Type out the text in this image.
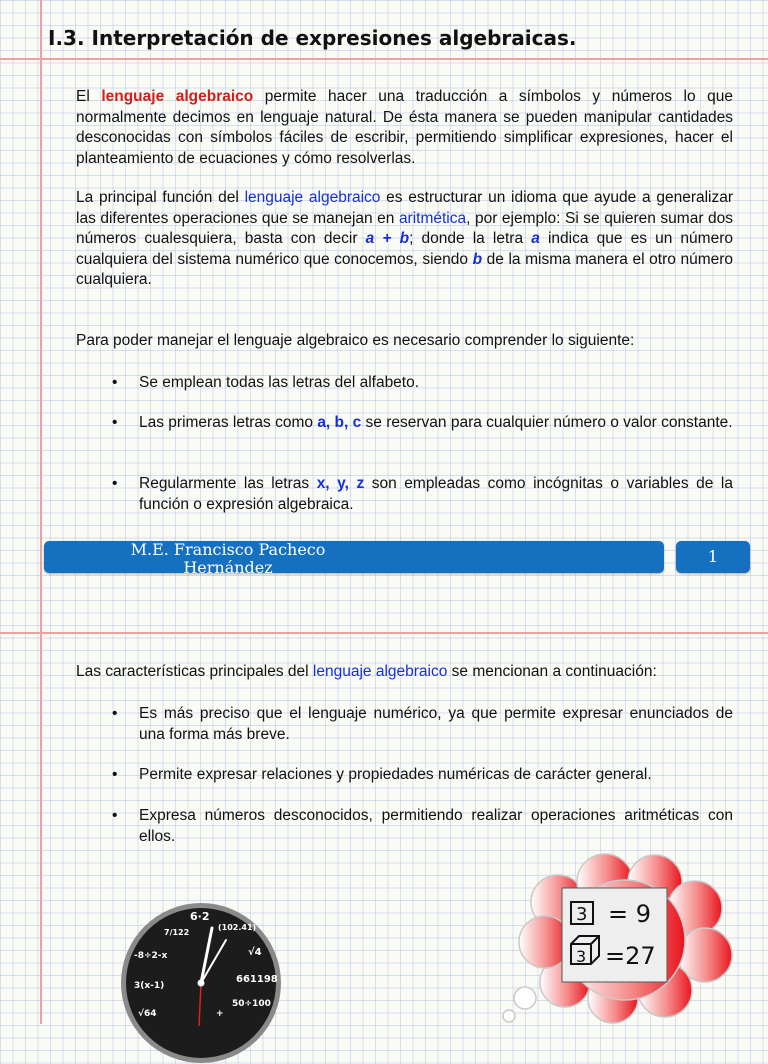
I.3. Interpretación de expresiones algebraicas.

El lenguaje algebraico permite hacer una traducción a símbolos y números lo que normalmente decimos en lenguaje natural. De ésta manera se pueden manipular cantidades desconocidas con símbolos fáciles de escribir, permitiendo simplificar expresiones, hacer el planteamiento de ecuaciones y cómo resolverlas.

La principal función del lenguaje algebraico es estructurar un idioma que ayude a generalizar las diferentes operaciones que se manejan en aritmética, por ejemplo: Si se quieren sumar dos números cualesquiera, basta con decir a + b; donde la letra a indica que es un número cualquiera del sistema numérico que conocemos, siendo b de la misma manera el otro número cualquiera.

Para poder manejar el lenguaje algebraico es necesario comprender lo siguiente:

• Se emplean todas las letras del alfabeto.
• Las primeras letras como a, b, c se reservan para cualquier número o valor constante.
• Regularmente las letras x, y, z son empleadas como incógnitas o variables de la función o expresión algebraica.

M.E. Francisco Pacheco Hernández

1

Las características principales del lenguaje algebraico se mencionan a continuación:

• Es más preciso que el lenguaje numérico, ya que permite expresar enunciados de una forma más breve.
• Permite expresar relaciones y propiedades numéricas de carácter general.
• Expresa números desconocidos, permitiendo realizar operaciones aritméticas con ellos.
6·2
(102.41)
7/122
√4
-8÷2-x
3(x-1)
661198
50÷100
√64	+
3 = 9
3 =27
